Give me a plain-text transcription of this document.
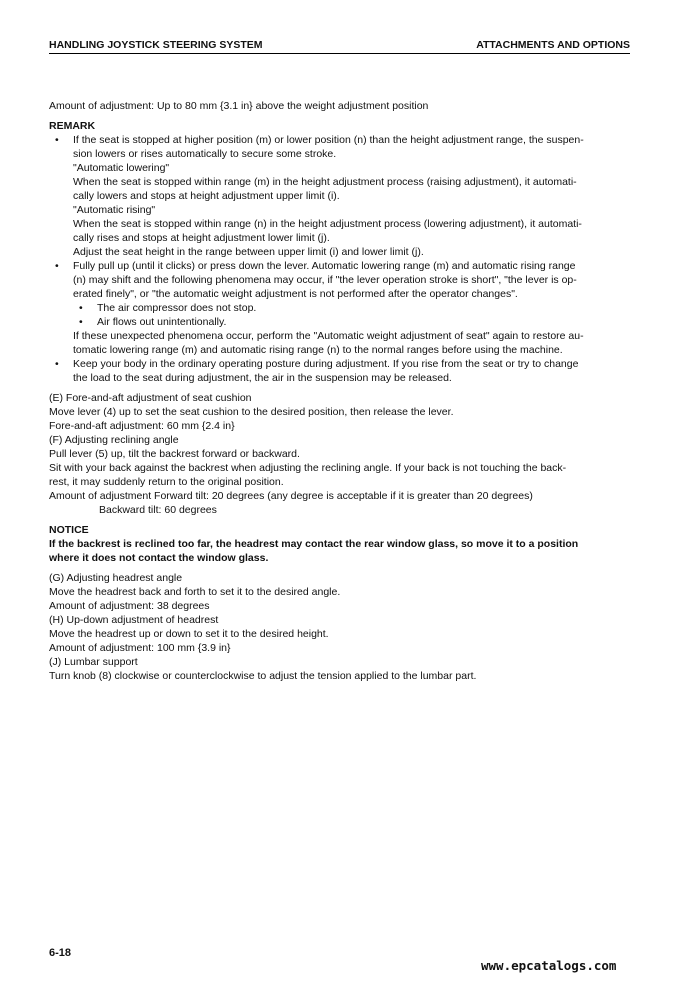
HANDLING JOYSTICK STEERING SYSTEM	ATTACHMENTS AND OPTIONS

Amount of adjustment: Up to 80 mm {3.1 in} above the weight adjustment position

REMARK

• If the seat is stopped at higher position (m) or lower position (n) than the height adjustment range, the suspen-

sion lowers or rises automatically to secure some stroke.

"Automatic lowering"

When the seat is stopped within range (m) in the height adjustment process (raising adjustment), it automati-

cally lowers and stops at height adjustment upper limit (i).

"Automatic rising"

When the seat is stopped within range (n) in the height adjustment process (lowering adjustment), it automati-

cally rises and stops at height adjustment lower limit (j).

Adjust the seat height in the range between upper limit (i) and lower limit (j).

• Fully pull up (until it clicks) or press down the lever. Automatic lowering range (m) and automatic rising range

(n) may shift and the following phenomena may occur, if "the lever operation stroke is short", "the lever is op-

erated finely", or "the automatic weight adjustment is not performed after the operator changes".

• The air compressor does not stop.

• Air flows out unintentionally.

If these unexpected phenomena occur, perform the "Automatic weight adjustment of seat" again to restore au-

tomatic lowering range (m) and automatic rising range (n) to the normal ranges before using the machine.

• Keep your body in the ordinary operating posture during adjustment. If you rise from the seat or try to change

the load to the seat during adjustment, the air in the suspension may be released.

(E) Fore-and-aft adjustment of seat cushion

Move lever (4) up to set the seat cushion to the desired position, then release the lever.

Fore-and-aft adjustment: 60 mm {2.4 in}

(F) Adjusting reclining angle

Pull lever (5) up, tilt the backrest forward or backward.

Sit with your back against the backrest when adjusting the reclining angle. If your back is not touching the back-

rest, it may suddenly return to the original position.

Amount of adjustment Forward tilt: 20 degrees (any degree is acceptable if it is greater than 20 degrees)

Backward tilt: 60 degrees

NOTICE

If the backrest is reclined too far, the headrest may contact the rear window glass, so move it to a position

where it does not contact the window glass.

(G) Adjusting headrest angle

Move the headrest back and forth to set it to the desired angle.

Amount of adjustment: 38 degrees

(H) Up-down adjustment of headrest

Move the headrest up or down to set it to the desired height.

Amount of adjustment: 100 mm {3.9 in}

(J) Lumbar support

Turn knob (8) clockwise or counterclockwise to adjust the tension applied to the lumbar part.

6-18
www.epcatalogs.com
